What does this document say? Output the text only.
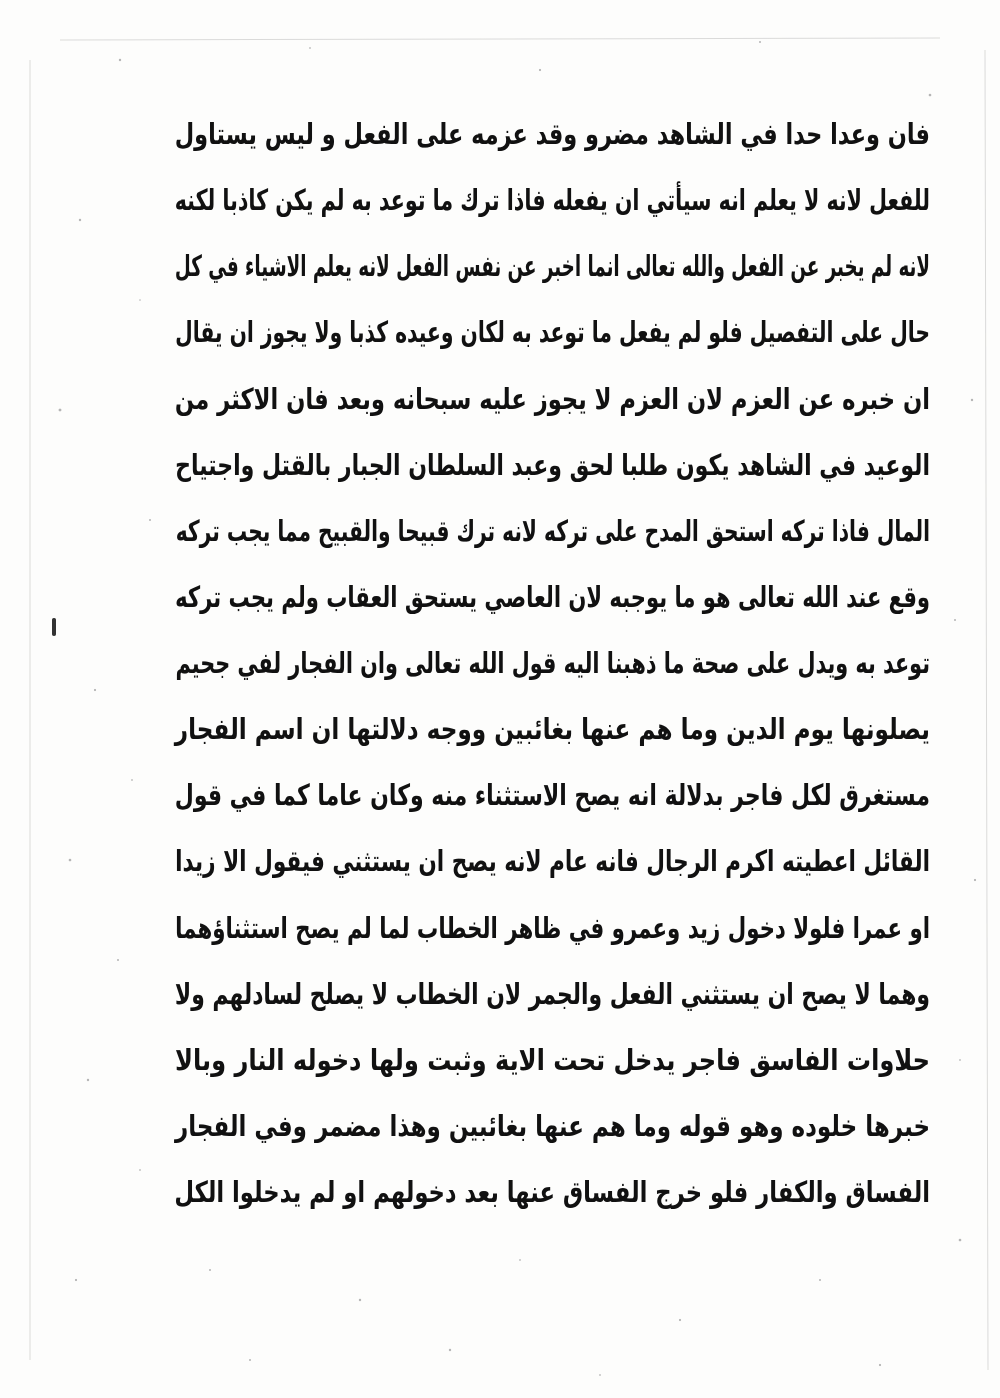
فان وعدا حدا في الشاهد مضرو وقد عزمه على الفعل و ليس يستاول
للفعل لانه لا يعلم انه سيأتي ان يفعله فاذا ترك ما توعد به لم يكن كاذبا لكنه
لانه لم يخبر عن الفعل والله تعالى انما اخبر عن نفس الفعل لانه يعلم الاشياء في كل
حال على التفصيل فلو لم يفعل ما توعد به لكان وعيده كذبا ولا يجوز ان يقال
ان خبره عن العزم لان العزم لا يجوز عليه سبحانه وبعد فان الاكثر من
الوعيد في الشاهد يكون طلبا لحق وعبد السلطان الجبار بالقتل واجتياح
المال فاذا تركه استحق المدح على تركه لانه ترك قبيحا والقبيح مما يجب تركه
وقع عند الله تعالى هو ما يوجبه لان العاصي يستحق العقاب ولم يجب تركه
توعد به ويدل على صحة ما ذهبنا اليه قول الله تعالى وان الفجار لفي جحيم
يصلونها يوم الدين وما هم عنها بغائبين ووجه دلالتها ان اسم الفجار
مستغرق لكل فاجر بدلالة انه يصح الاستثناء منه وكان عاما كما في قول
القائل اعطيته اكرم الرجال فانه عام لانه يصح ان يستثني فيقول الا زيدا
او عمرا فلولا دخول زيد وعمرو في ظاهر الخطاب لما لم يصح استثناؤهما
وهما لا يصح ان يستثني الفعل والجمر لان الخطاب لا يصلح لسادلهم ولا
حلاوات الفاسق فاجر يدخل تحت الاية وثبت ولها دخوله النار وبالا
خبرها خلوده وهو قوله وما هم عنها بغائبين وهذا مضمر وفي الفجار
الفساق والكفار فلو خرج الفساق عنها بعد دخولهم او لم يدخلوا الكل
